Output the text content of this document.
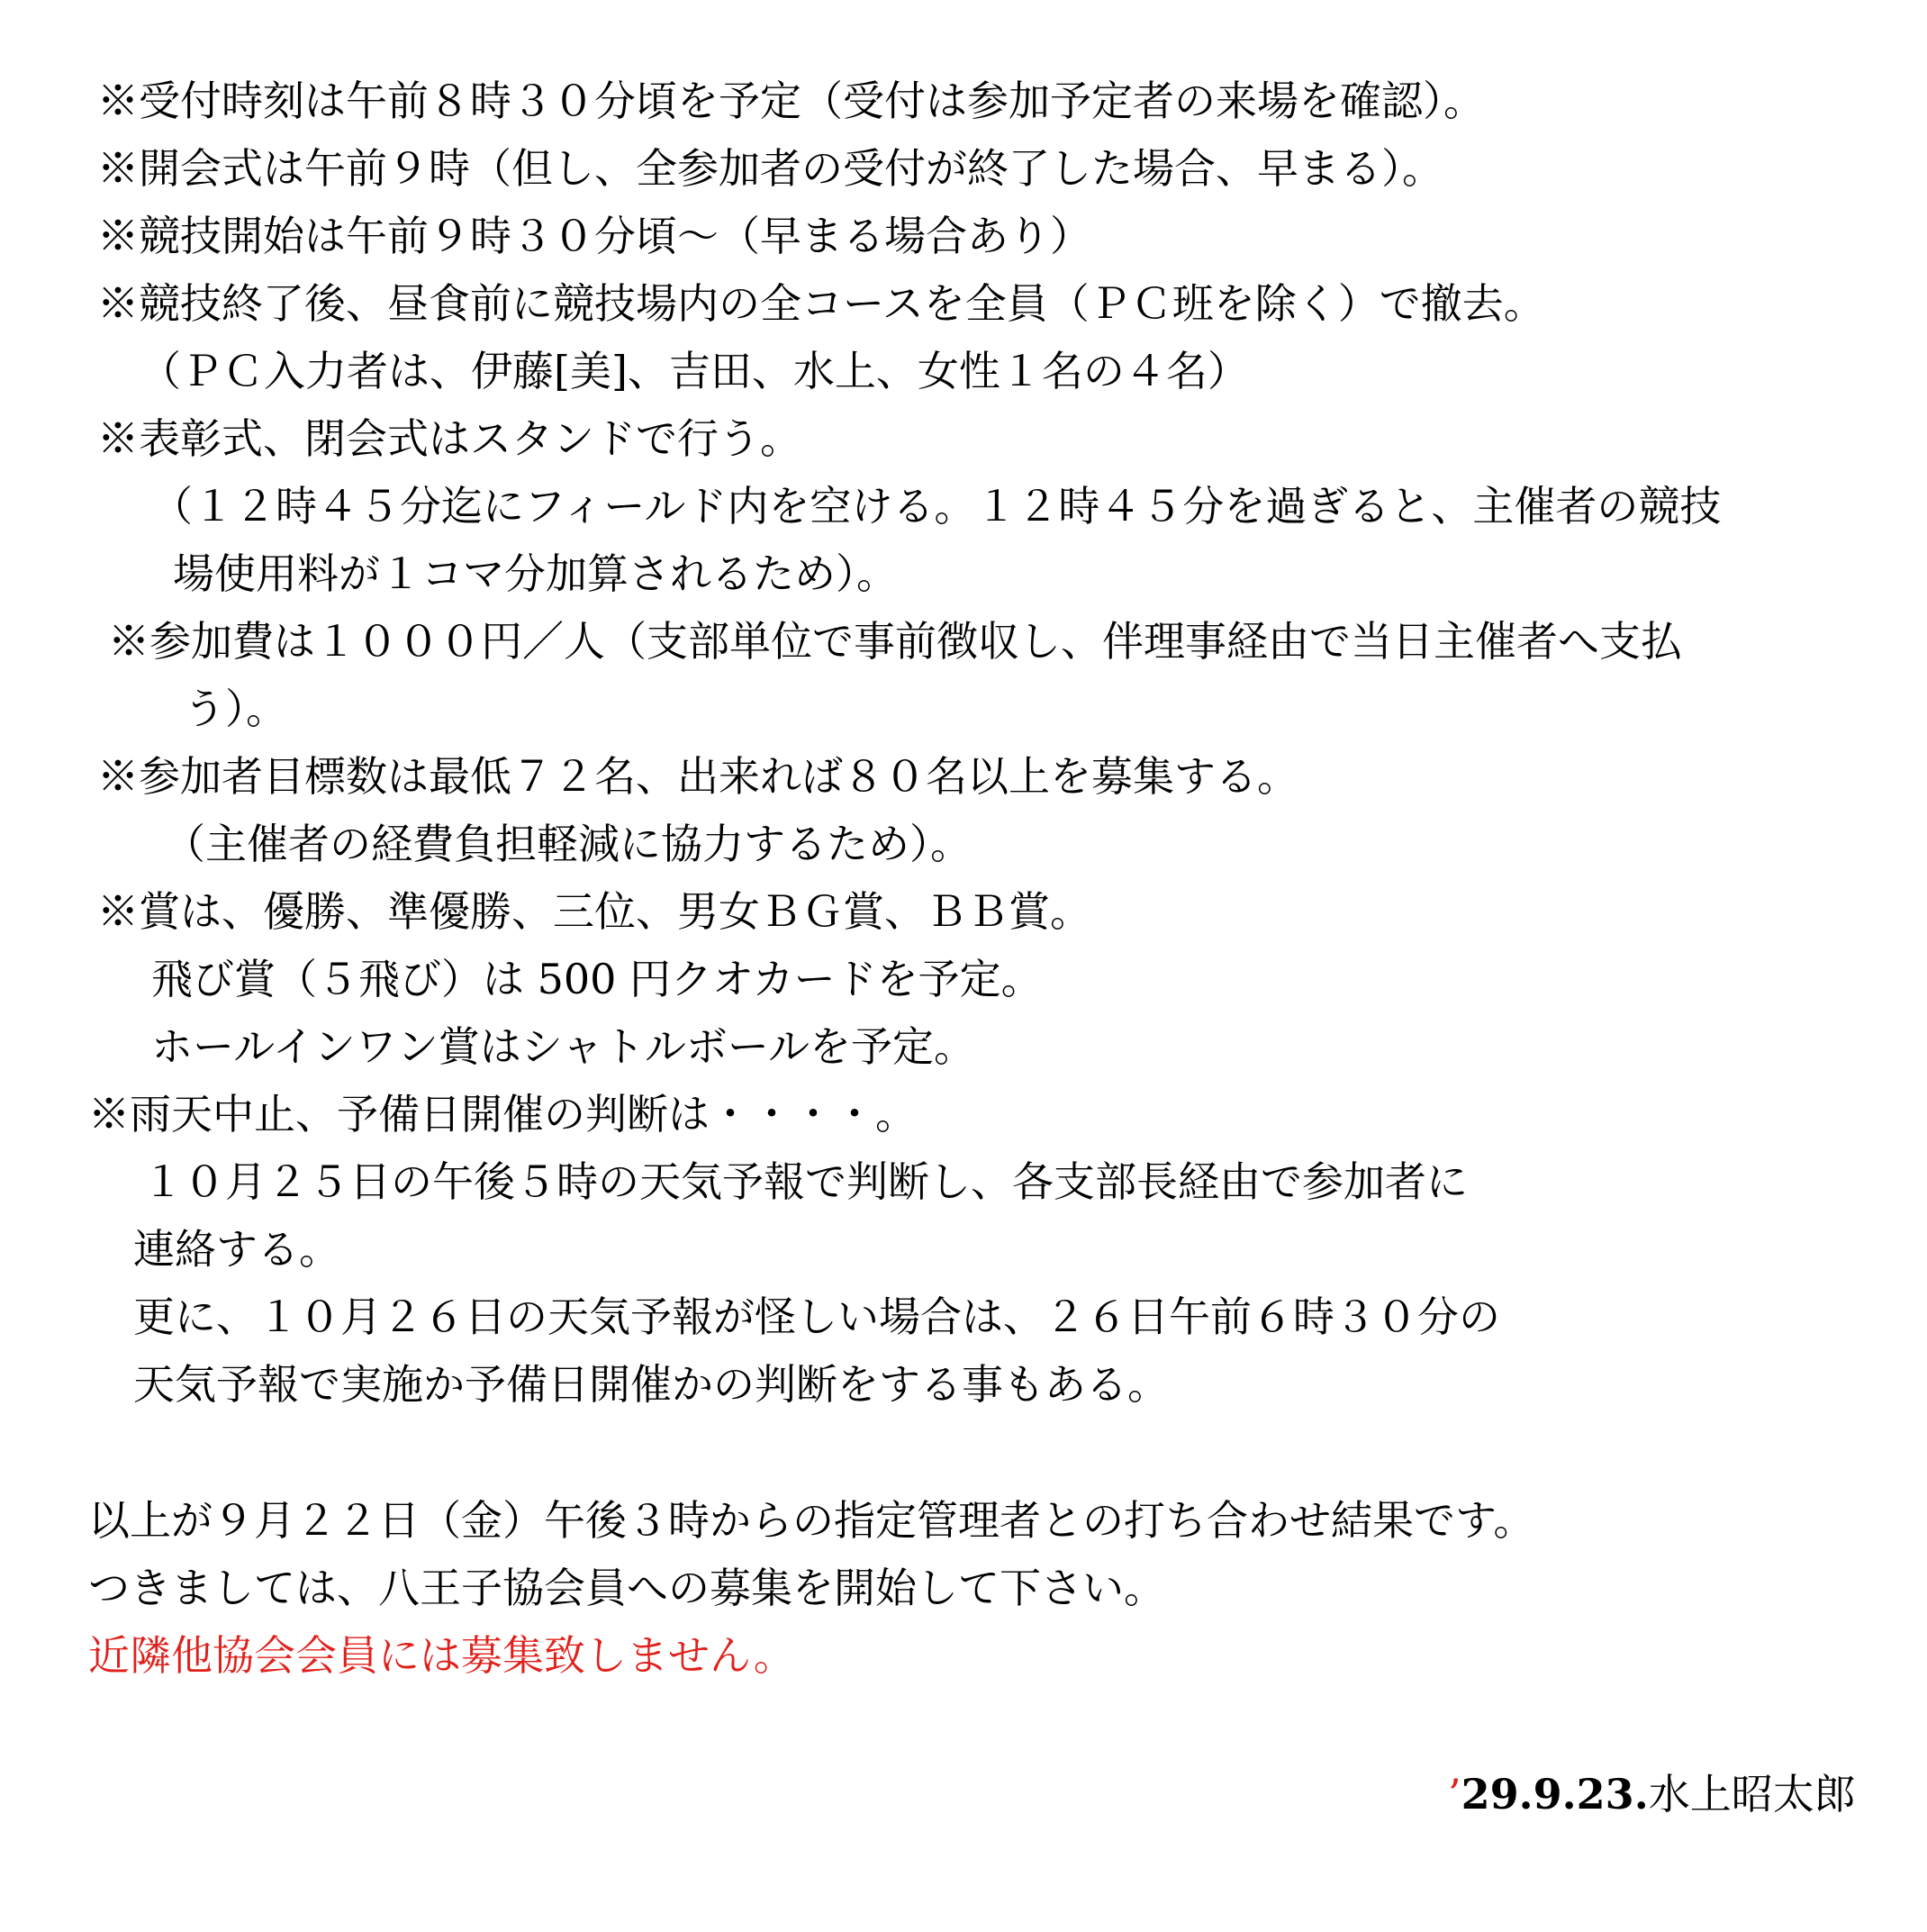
※受付時刻は午前８時３０分頃を予定（受付は参加予定者の来場を確認）。
※開会式は午前９時（但し、全参加者の受付が終了した場合、早まる）。
※競技開始は午前９時３０分頃～（早まる場合あり）
※競技終了後、昼食前に競技場内の全コースを全員（ＰＣ班を除く）で撤去。
（ＰＣ入力者は、伊藤[美]、吉田、水上、女性１名の４名）
※表彰式、閉会式はスタンドで行う。
（１２時４５分迄にフィールド内を空ける。１２時４５分を過ぎると、主催者の競技
場使用料が１コマ分加算されるため）。
※参加費は１０００円／人（支部単位で事前徴収し、伴理事経由で当日主催者へ支払
う）。
※参加者目標数は最低７２名、出来れば８０名以上を募集する。
（主催者の経費負担軽減に協力するため）。
※賞は、優勝、準優勝、三位、男女ＢＧ賞、ＢＢ賞。
飛び賞（５飛び）は 500 円クオカードを予定。
ホールインワン賞はシャトルボールを予定。
※雨天中止、予備日開催の判断は・・・・。
１０月２５日の午後５時の天気予報で判断し、各支部長経由で参加者に
連絡する。
更に、１０月２６日の天気予報が怪しい場合は、２６日午前６時３０分の
天気予報で実施か予備日開催かの判断をする事もある。
以上が９月２２日（金）午後３時からの指定管理者との打ち合わせ結果です。
つきましては、八王子協会員への募集を開始して下さい。
近隣他協会会員には募集致しません。
’29.9.23.水上昭太郎
